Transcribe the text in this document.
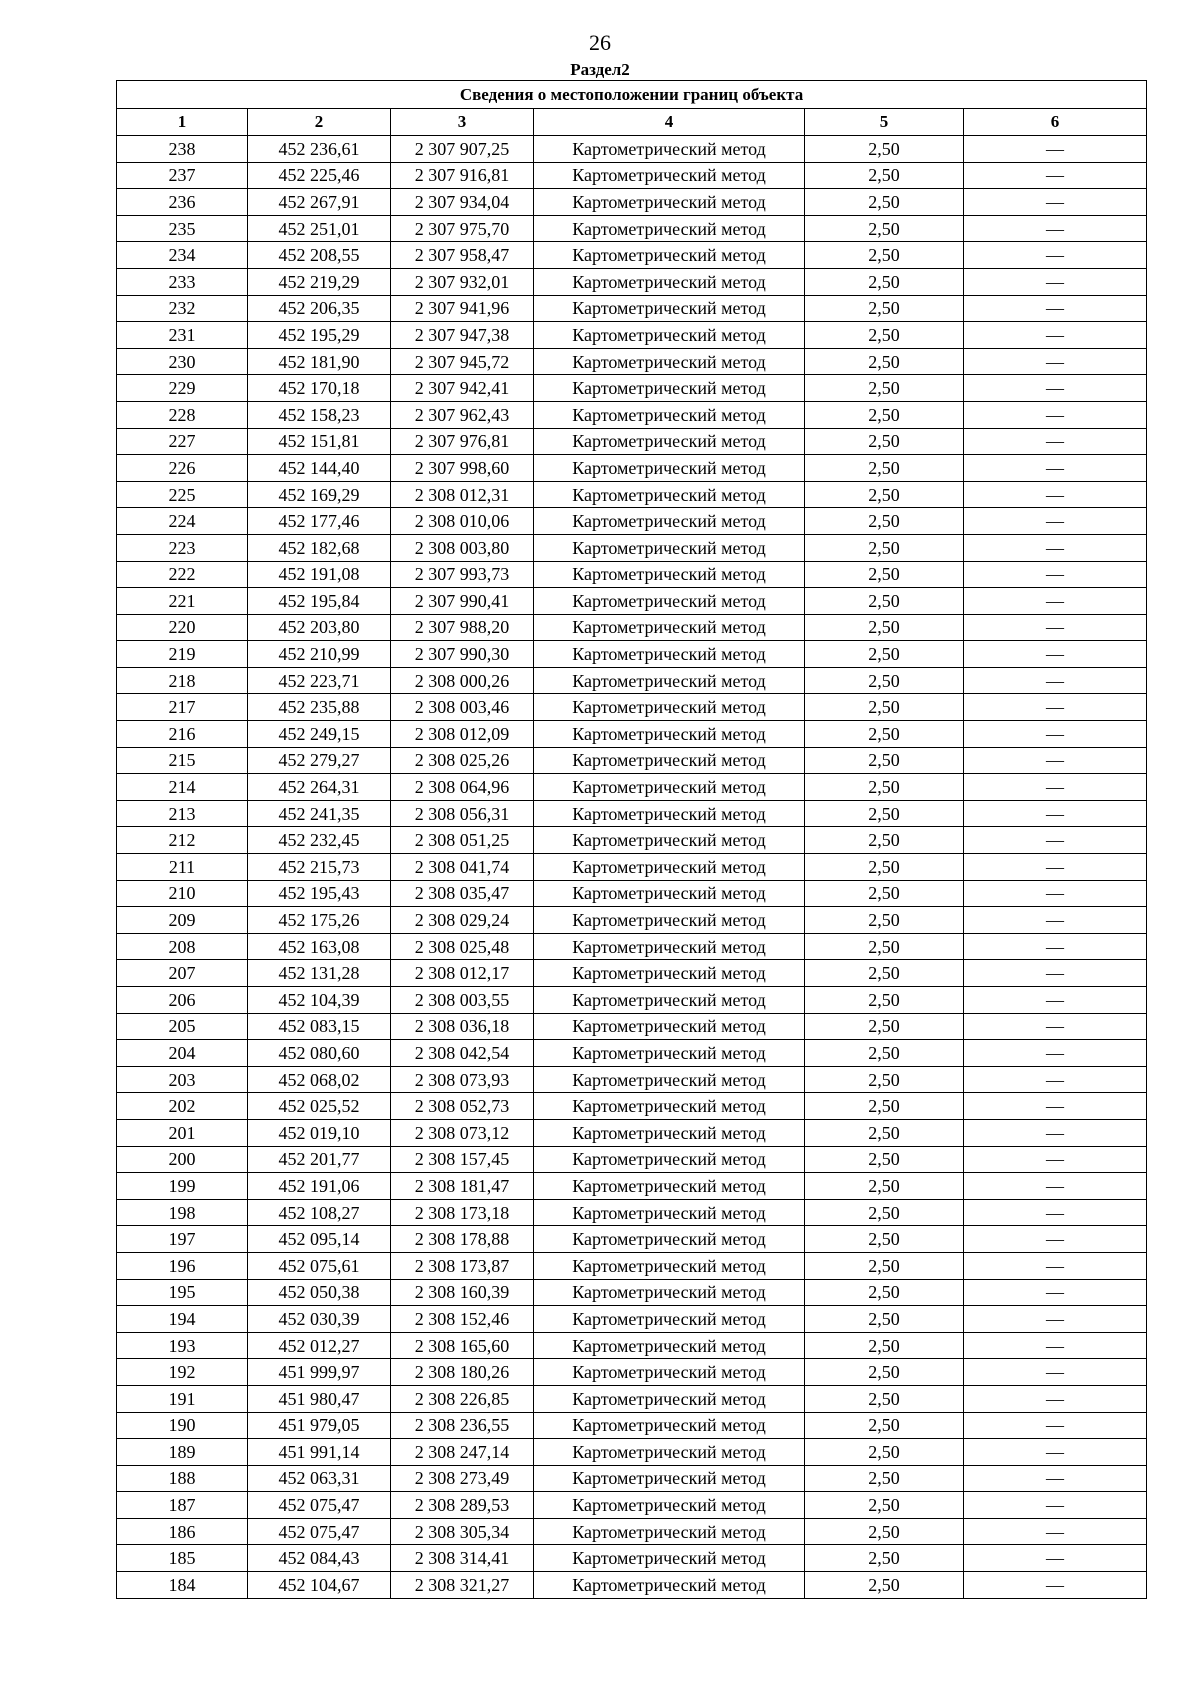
26
Раздел2
Сведения о местоположении границ объекта					
1	2	3	4	5	6
238	452 236,61	2 307 907,25	Картометрический метод	2,50	—
237	452 225,46	2 307 916,81	Картометрический метод	2,50	—
236	452 267,91	2 307 934,04	Картометрический метод	2,50	—
235	452 251,01	2 307 975,70	Картометрический метод	2,50	—
234	452 208,55	2 307 958,47	Картометрический метод	2,50	—
233	452 219,29	2 307 932,01	Картометрический метод	2,50	—
232	452 206,35	2 307 941,96	Картометрический метод	2,50	—
231	452 195,29	2 307 947,38	Картометрический метод	2,50	—
230	452 181,90	2 307 945,72	Картометрический метод	2,50	—
229	452 170,18	2 307 942,41	Картометрический метод	2,50	—
228	452 158,23	2 307 962,43	Картометрический метод	2,50	—
227	452 151,81	2 307 976,81	Картометрический метод	2,50	—
226	452 144,40	2 307 998,60	Картометрический метод	2,50	—
225	452 169,29	2 308 012,31	Картометрический метод	2,50	—
224	452 177,46	2 308 010,06	Картометрический метод	2,50	—
223	452 182,68	2 308 003,80	Картометрический метод	2,50	—
222	452 191,08	2 307 993,73	Картометрический метод	2,50	—
221	452 195,84	2 307 990,41	Картометрический метод	2,50	—
220	452 203,80	2 307 988,20	Картометрический метод	2,50	—
219	452 210,99	2 307 990,30	Картометрический метод	2,50	—
218	452 223,71	2 308 000,26	Картометрический метод	2,50	—
217	452 235,88	2 308 003,46	Картометрический метод	2,50	—
216	452 249,15	2 308 012,09	Картометрический метод	2,50	—
215	452 279,27	2 308 025,26	Картометрический метод	2,50	—
214	452 264,31	2 308 064,96	Картометрический метод	2,50	—
213	452 241,35	2 308 056,31	Картометрический метод	2,50	—
212	452 232,45	2 308 051,25	Картометрический метод	2,50	—
211	452 215,73	2 308 041,74	Картометрический метод	2,50	—
210	452 195,43	2 308 035,47	Картометрический метод	2,50	—
209	452 175,26	2 308 029,24	Картометрический метод	2,50	—
208	452 163,08	2 308 025,48	Картометрический метод	2,50	—
207	452 131,28	2 308 012,17	Картометрический метод	2,50	—
206	452 104,39	2 308 003,55	Картометрический метод	2,50	—
205	452 083,15	2 308 036,18	Картометрический метод	2,50	—
204	452 080,60	2 308 042,54	Картометрический метод	2,50	—
203	452 068,02	2 308 073,93	Картометрический метод	2,50	—
202	452 025,52	2 308 052,73	Картометрический метод	2,50	—
201	452 019,10	2 308 073,12	Картометрический метод	2,50	—
200	452 201,77	2 308 157,45	Картометрический метод	2,50	—
199	452 191,06	2 308 181,47	Картометрический метод	2,50	—
198	452 108,27	2 308 173,18	Картометрический метод	2,50	—
197	452 095,14	2 308 178,88	Картометрический метод	2,50	—
196	452 075,61	2 308 173,87	Картометрический метод	2,50	—
195	452 050,38	2 308 160,39	Картометрический метод	2,50	—
194	452 030,39	2 308 152,46	Картометрический метод	2,50	—
193	452 012,27	2 308 165,60	Картометрический метод	2,50	—
192	451 999,97	2 308 180,26	Картометрический метод	2,50	—
191	451 980,47	2 308 226,85	Картометрический метод	2,50	—
190	451 979,05	2 308 236,55	Картометрический метод	2,50	—
189	451 991,14	2 308 247,14	Картометрический метод	2,50	—
188	452 063,31	2 308 273,49	Картометрический метод	2,50	—
187	452 075,47	2 308 289,53	Картометрический метод	2,50	—
186	452 075,47	2 308 305,34	Картометрический метод	2,50	—
185	452 084,43	2 308 314,41	Картометрический метод	2,50	—
184	452 104,67	2 308 321,27	Картометрический метод	2,50	—
